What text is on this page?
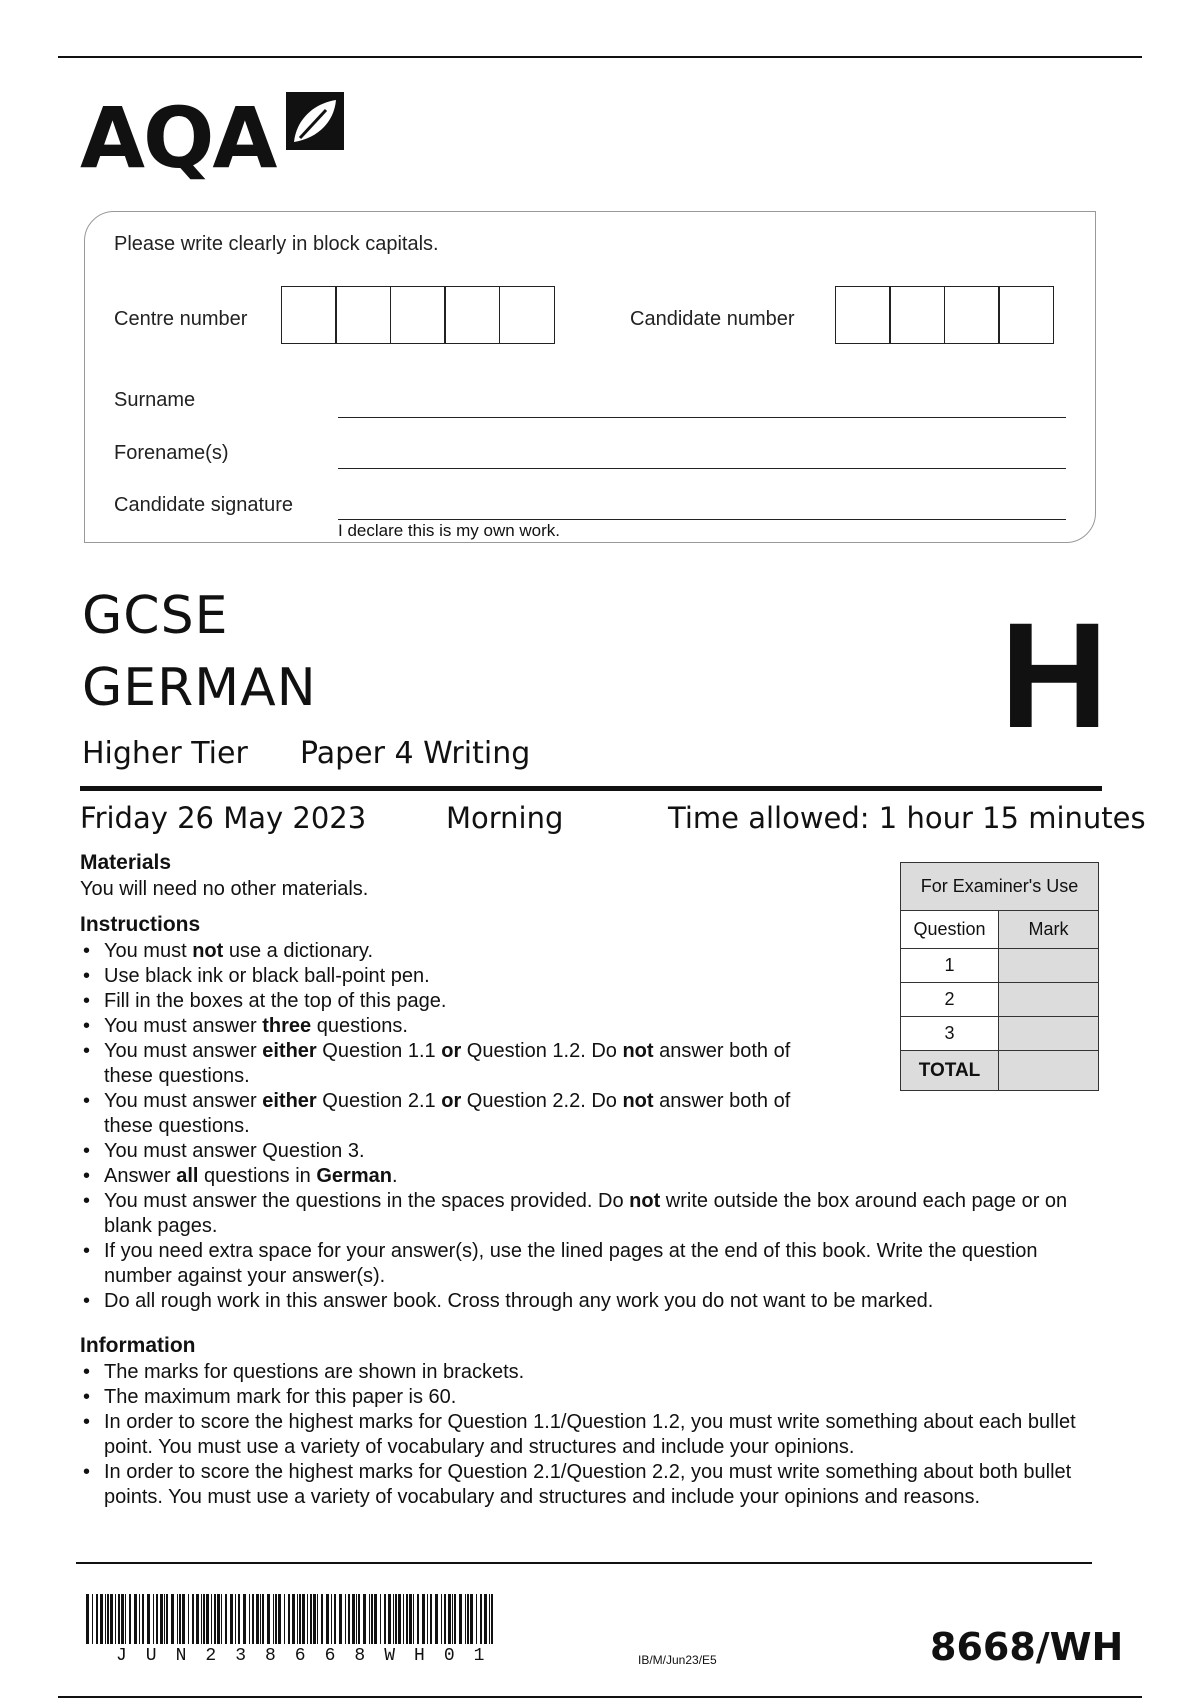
AQA
Please write clearly in block capitals.
Centre number	Candidate number
Surname
Forename(s)
Candidate signature
I declare this is my own work.
GCSE
GERMAN	H
Higher Tier Paper 4 Writing
Friday 26 May 2023	Morning	Time allowed: 1 hour 15 minutes
Materials
You will need no other materials.
Instructions
• You must not use a dictionary.
• Use black ink or black ball-point pen.
• Fill in the boxes at the top of this page.
• You must answer three questions.
• You must answer either Question 1.1 or Question 1.2. Do not answer both of these questions.
• You must answer either Question 2.1 or Question 2.2. Do not answer both of these questions.
• You must answer Question 3.
• Answer all questions in German.
• You must answer the questions in the spaces provided. Do not write outside the box around each page or on blank pages.
• If you need extra space for your answer(s), use the lined pages at the end of this book. Write the question number against your answer(s).
• Do all rough work in this answer book. Cross through any work you do not want to be marked.
Information
• The marks for questions are shown in brackets.
• The maximum mark for this paper is 60.
• In order to score the highest marks for Question 1.1/Question 1.2, you must write something about each bullet point. You must use a variety of vocabulary and structures and include your opinions.
• In order to score the highest marks for Question 2.1/Question 2.2, you must write something about both bullet points. You must use a variety of vocabulary and structures and include your opinions and reasons.
For Examiner's Use	
Question	Mark
1	
2	
3	
TOTAL	
JUN238668WH01	IB/M/Jun23/E5	8668/WH
